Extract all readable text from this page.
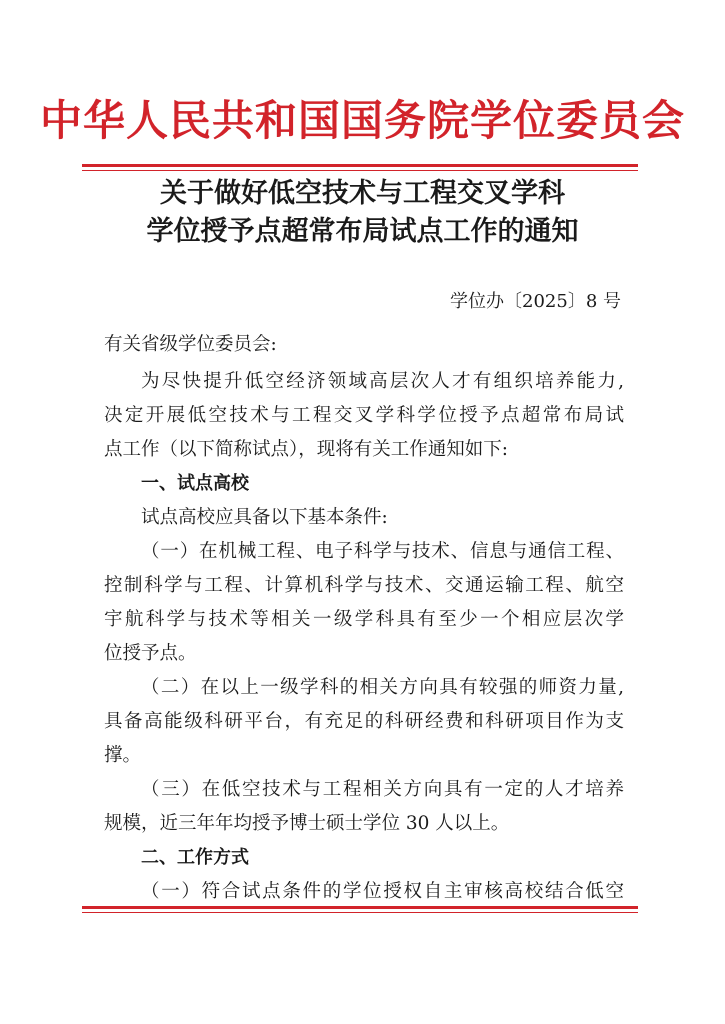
中华人民共和国国务院学位委员会
关于做好低空技术与工程交叉学科
学位授予点超常布局试点工作的通知
学位办〔2025〕8 号
有关省级学位委员会:
为尽快提升低空经济领域高层次人才有组织培养能力,
决定开展低空技术与工程交叉学科学位授予点超常布局试
点工作（以下简称试点），现将有关工作通知如下:
一、试点高校
试点高校应具备以下基本条件:
（一）在机械工程、电子科学与技术、信息与通信工程、
控制科学与工程、计算机科学与技术、交通运输工程、航空
宇航科学与技术等相关一级学科具有至少一个相应层次学
位授予点。
（二）在以上一级学科的相关方向具有较强的师资力量,
具备高能级科研平台，有充足的科研经费和科研项目作为支
撑。
（三）在低空技术与工程相关方向具有一定的人才培养
规模，近三年年均授予博士硕士学位 30 人以上。
二、工作方式
（一）符合试点条件的学位授权自主审核高校结合低空
